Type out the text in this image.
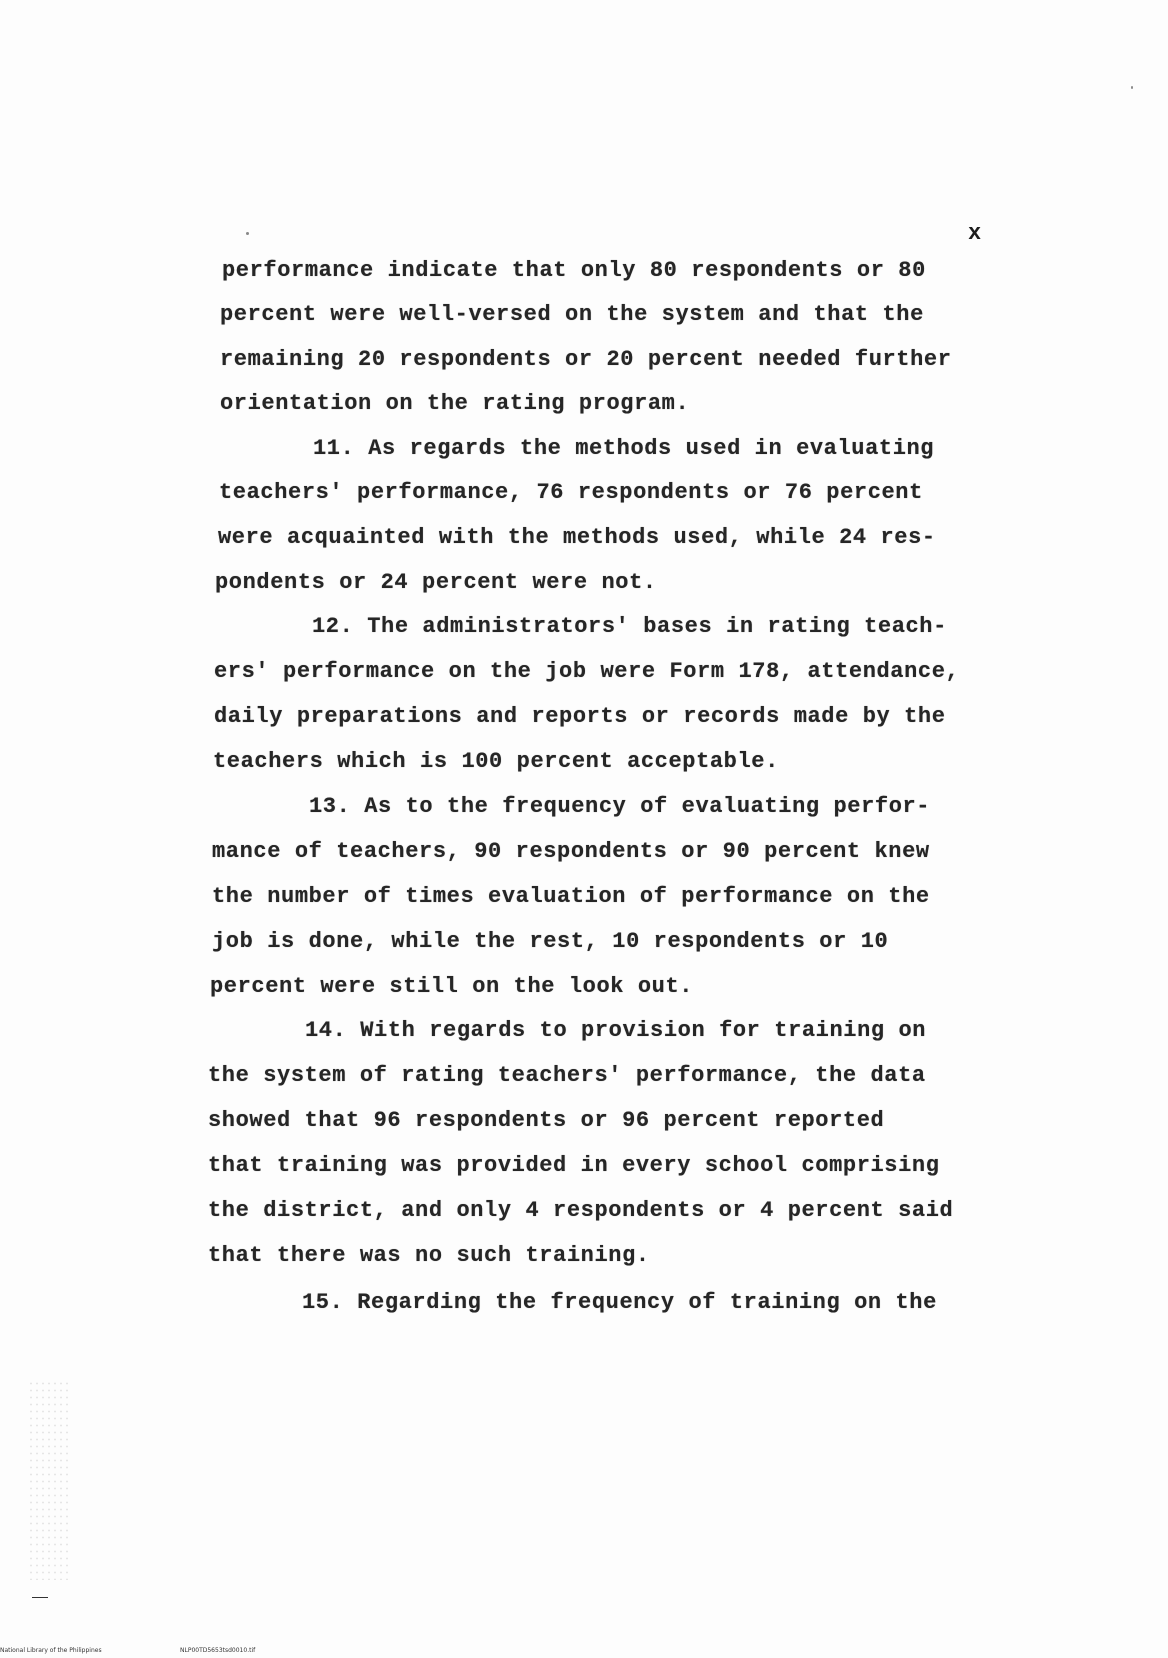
x
performance indicate that only 80 respondents or 80
percent were well-versed on the system and that the
remaining 20 respondents or 20 percent needed further
orientation on the rating program.
11. As regards the methods used in evaluating
teachers' performance, 76 respondents or 76 percent
were acquainted with the methods used, while 24 res-
pondents or 24 percent were not.
12. The administrators' bases in rating teach-
ers' performance on the job were Form 178, attendance,
daily preparations and reports or records made by the
teachers which is 100 percent acceptable.
13. As to the frequency of evaluating perfor-
mance of teachers, 90 respondents or 90 percent knew
the number of times evaluation of performance on the
job is done, while the rest, 10 respondents or 10
percent were still on the look out.
14. With regards to provision for training on
the system of rating teachers' performance, the data
showed that 96 respondents or 96 percent reported
that training was provided in every school comprising
the district, and only 4 respondents or 4 percent said
that there was no such training.
15. Regarding the frequency of training on the
National Library of the Philippines	NLP00TD5653tsd0010.tif
